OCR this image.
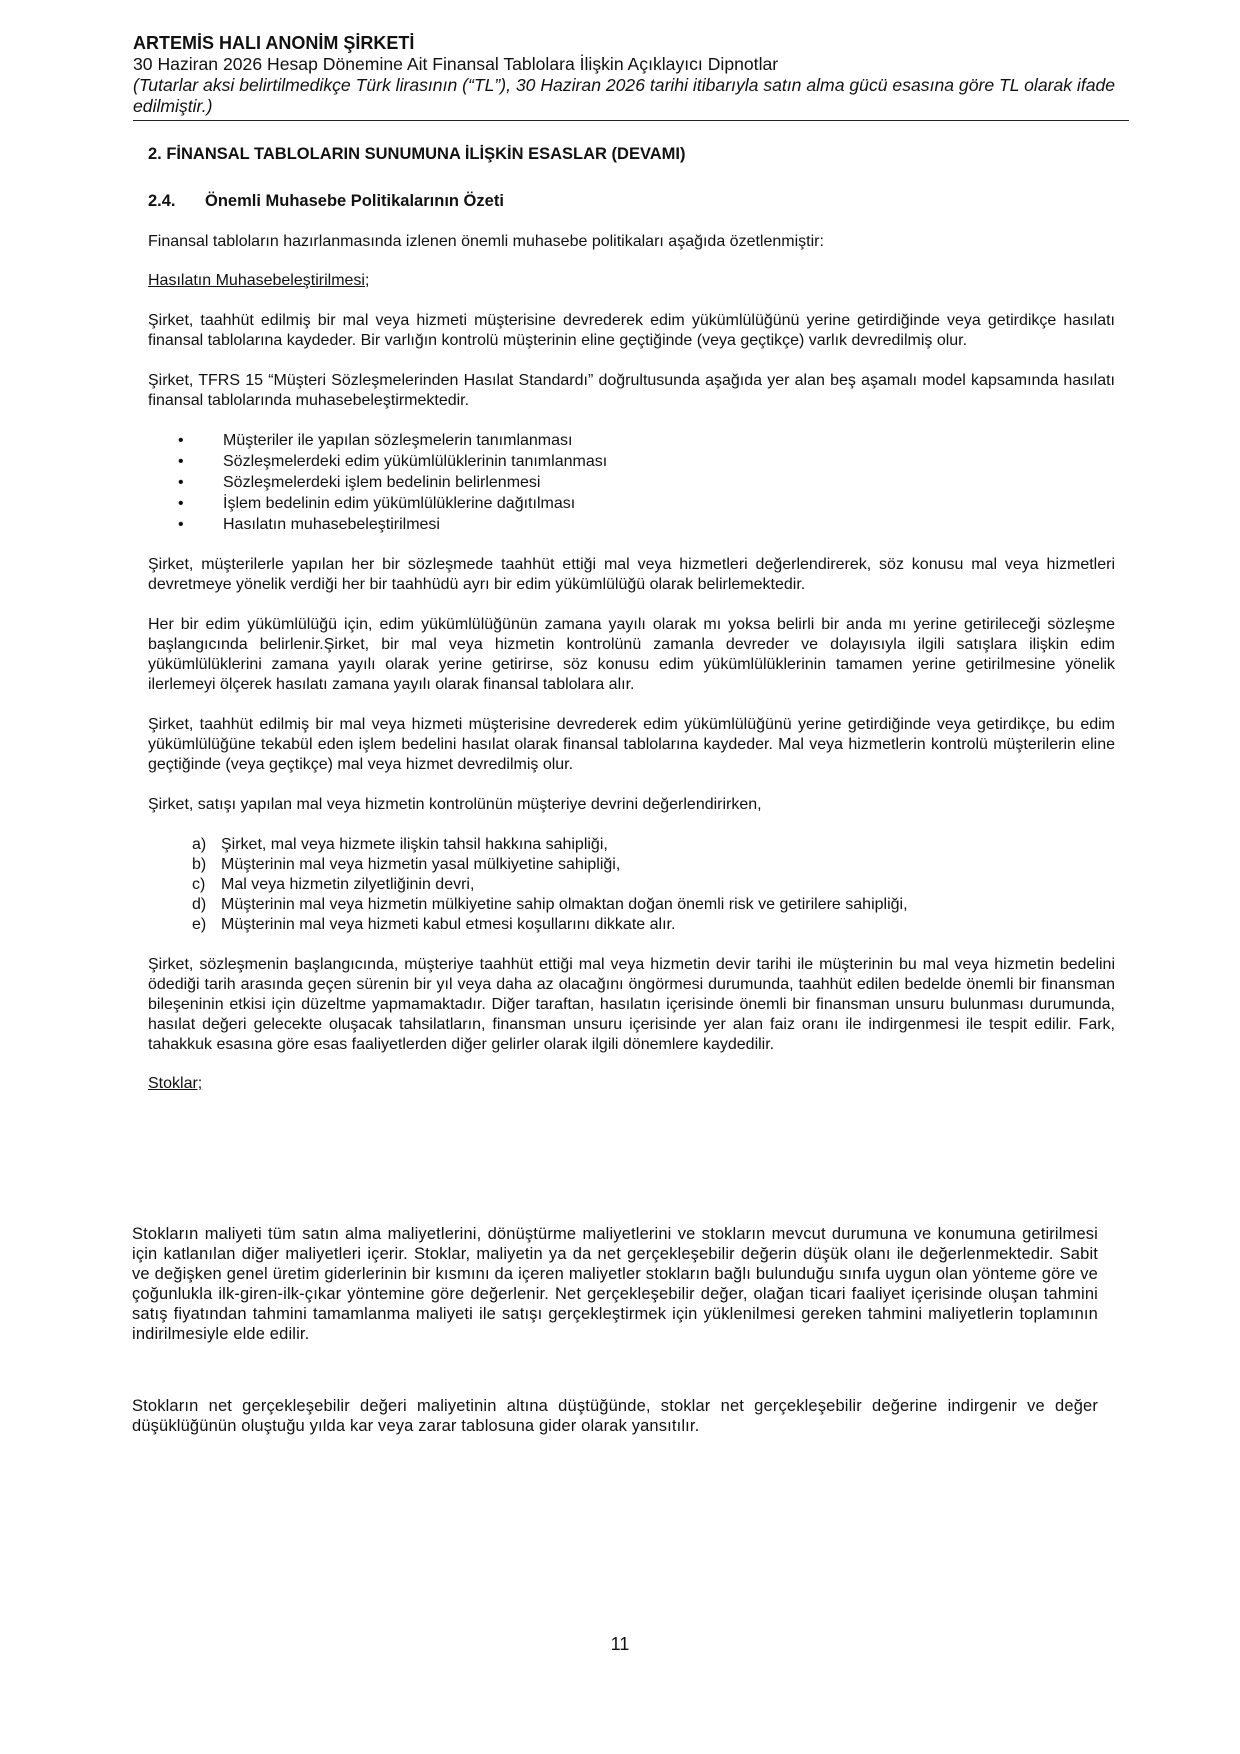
ARTEMİS HALI ANONİM ŞİRKETİ
30 Haziran 2026 Hesap Dönemine Ait Finansal Tablolara İlişkin Açıklayıcı Dipnotlar
(Tutarlar aksi belirtilmedikçe Türk lirasının (“TL”), 30 Haziran 2026 tarihi itibarıyla satın alma gücü esasına göre TL olarak ifade edilmiştir.)
2. FİNANSAL TABLOLARIN SUNUMUNA İLİŞKİN ESASLAR (DEVAMI)
2.4.	Önemli Muhasebe Politikalarının Özeti

Finansal tabloların hazırlanmasında izlenen önemli muhasebe politikaları aşağıda özetlenmiştir:

Hasılatın Muhasebeleştirilmesi;

Şirket, taahhüt edilmiş bir mal veya hizmeti müşterisine devrederek edim yükümlülüğünü yerine getirdiğinde veya getirdikçe hasılatı finansal tablolarına kaydeder. Bir varlığın kontrolü müşterinin eline geçtiğinde (veya geçtikçe) varlık devredilmiş olur.

Şirket, TFRS 15 “Müşteri Sözleşmelerinden Hasılat Standardı” doğrultusunda aşağıda yer alan beş aşamalı model kapsamında hasılatı finansal tablolarında muhasebeleştirmektedir.

•	Müşteriler ile yapılan sözleşmelerin tanımlanması
•	Sözleşmelerdeki edim yükümlülüklerinin tanımlanması
•	Sözleşmelerdeki işlem bedelinin belirlenmesi
•	İşlem bedelinin edim yükümlülüklerine dağıtılması
•	Hasılatın muhasebeleştirilmesi

Şirket, müşterilerle yapılan her bir sözleşmede taahhüt ettiği mal veya hizmetleri değerlendirerek, söz konusu mal veya hizmetleri devretmeye yönelik verdiği her bir taahhüdü ayrı bir edim yükümlülüğü olarak belirlemektedir.

Her bir edim yükümlülüğü için, edim yükümlülüğünün zamana yayılı olarak mı yoksa belirli bir anda mı yerine getirileceği sözleşme başlangıcında belirlenir.Şirket, bir mal veya hizmetin kontrolünü zamanla devreder ve dolayısıyla ilgili satışlara ilişkin edim yükümlülüklerini zamana yayılı olarak yerine getirirse, söz konusu edim yükümlülüklerinin tamamen yerine getirilmesine yönelik ilerlemeyi ölçerek hasılatı zamana yayılı olarak finansal tablolara alır.

Şirket, taahhüt edilmiş bir mal veya hizmeti müşterisine devrederek edim yükümlülüğünü yerine getirdiğinde veya getirdikçe, bu edim yükümlülüğüne tekabül eden işlem bedelini hasılat olarak finansal tablolarına kaydeder. Mal veya hizmetlerin kontrolü müşterilerin eline geçtiğinde (veya geçtikçe) mal veya hizmet devredilmiş olur.

Şirket, satışı yapılan mal veya hizmetin kontrolünün müşteriye devrini değerlendirirken,

a) Şirket, mal veya hizmete ilişkin tahsil hakkına sahipliği,
b) Müşterinin mal veya hizmetin yasal mülkiyetine sahipliği,
c) Mal veya hizmetin zilyetliğinin devri,
d) Müşterinin mal veya hizmetin mülkiyetine sahip olmaktan doğan önemli risk ve getirilere sahipliği,
e) Müşterinin mal veya hizmeti kabul etmesi koşullarını dikkate alır.

Şirket, sözleşmenin başlangıcında, müşteriye taahhüt ettiği mal veya hizmetin devir tarihi ile müşterinin bu mal veya hizmetin bedelini ödediği tarih arasında geçen sürenin bir yıl veya daha az olacağını öngörmesi durumunda, taahhüt edilen bedelde önemli bir finansman bileşeninin etkisi için düzeltme yapmamaktadır. Diğer taraftan, hasılatın içerisinde önemli bir finansman unsuru bulunması durumunda, hasılat değeri gelecekte oluşacak tahsilatların, finansman unsuru içerisinde yer alan faiz oranı ile indirgenmesi ile tespit edilir. Fark, tahakkuk esasına göre esas faaliyetlerden diğer gelirler olarak ilgili dönemlere kaydedilir.

Stoklar;

Stokların maliyeti tüm satın alma maliyetlerini, dönüştürme maliyetlerini ve stokların mevcut durumuna ve konumuna getirilmesi için katlanılan diğer maliyetleri içerir. Stoklar, maliyetin ya da net gerçekleşebilir değerin düşük olanı ile değerlenmektedir. Sabit ve değişken genel üretim giderlerinin bir kısmını da içeren maliyetler stokların bağlı bulunduğu sınıfa uygun olan yönteme göre ve çoğunlukla ilk-giren-ilk-çıkar yöntemine göre değerlenir. Net gerçekleşebilir değer, olağan ticari faaliyet içerisinde oluşan tahmini satış fiyatından tahmini tamamlanma maliyeti ile satışı gerçekleştirmek için yüklenilmesi gereken tahmini maliyetlerin toplamının indirilmesiyle elde edilir.

Stokların net gerçekleşebilir değeri maliyetinin altına düştüğünde, stoklar net gerçekleşebilir değerine indirgenir ve değer düşüklüğünün oluştuğu yılda kar veya zarar tablosuna gider olarak yansıtılır.

11
